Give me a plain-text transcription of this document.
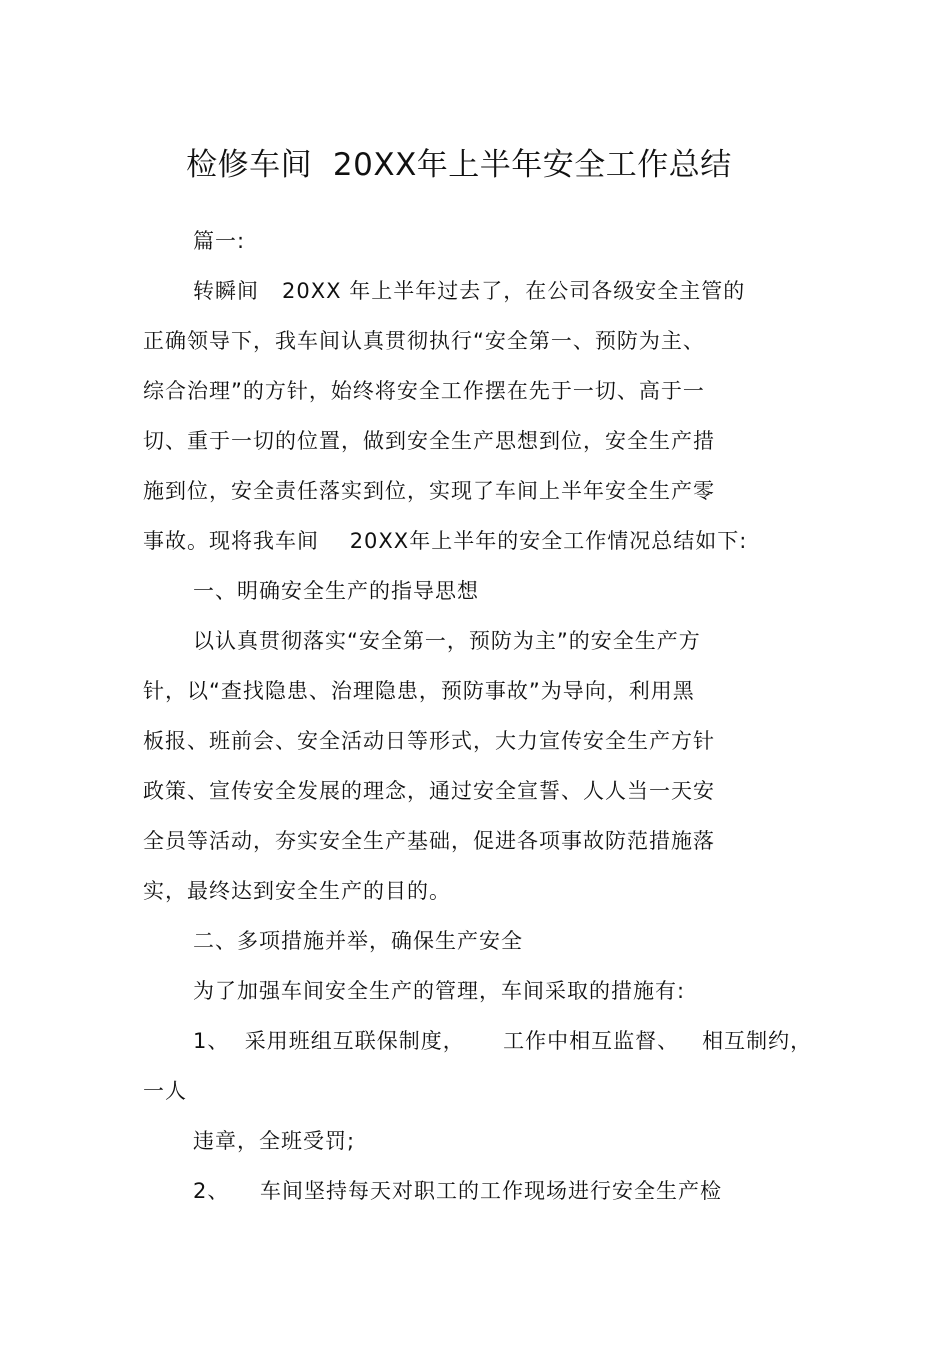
检修车间  20XX年上半年安全工作总结
篇一:
转瞬间   20XX 年上半年过去了，在公司各级安全主管的
正确领导下，我车间认真贯彻执行“安全第一、预防为主、
综合治理”的方针，始终将安全工作摆在先于一切、高于一
切、重于一切的位置，做到安全生产思想到位，安全生产措
施到位，安全责任落实到位，实现了车间上半年安全生产零
事故。现将我车间    20XX年上半年的安全工作情况总结如下:
一、明确安全生产的指导思想
以认真贯彻落实“安全第一，预防为主”的安全生产方
针，以“查找隐患、治理隐患，预防事故”为导向，利用黑
板报、班前会、安全活动日等形式，大力宣传安全生产方针
政策、宣传安全发展的理念，通过安全宣誓、人人当一天安
全员等活动，夯实安全生产基础，促进各项事故防范措施落
实，最终达到安全生产的目的。
二、多项措施并举，确保生产安全
为了加强车间安全生产的管理，车间采取的措施有:
1、  采用班组互联保制度，     工作中相互监督、   相互制约，
一人
违章，全班受罚;
2、    车间坚持每天对职工的工作现场进行安全生产检
